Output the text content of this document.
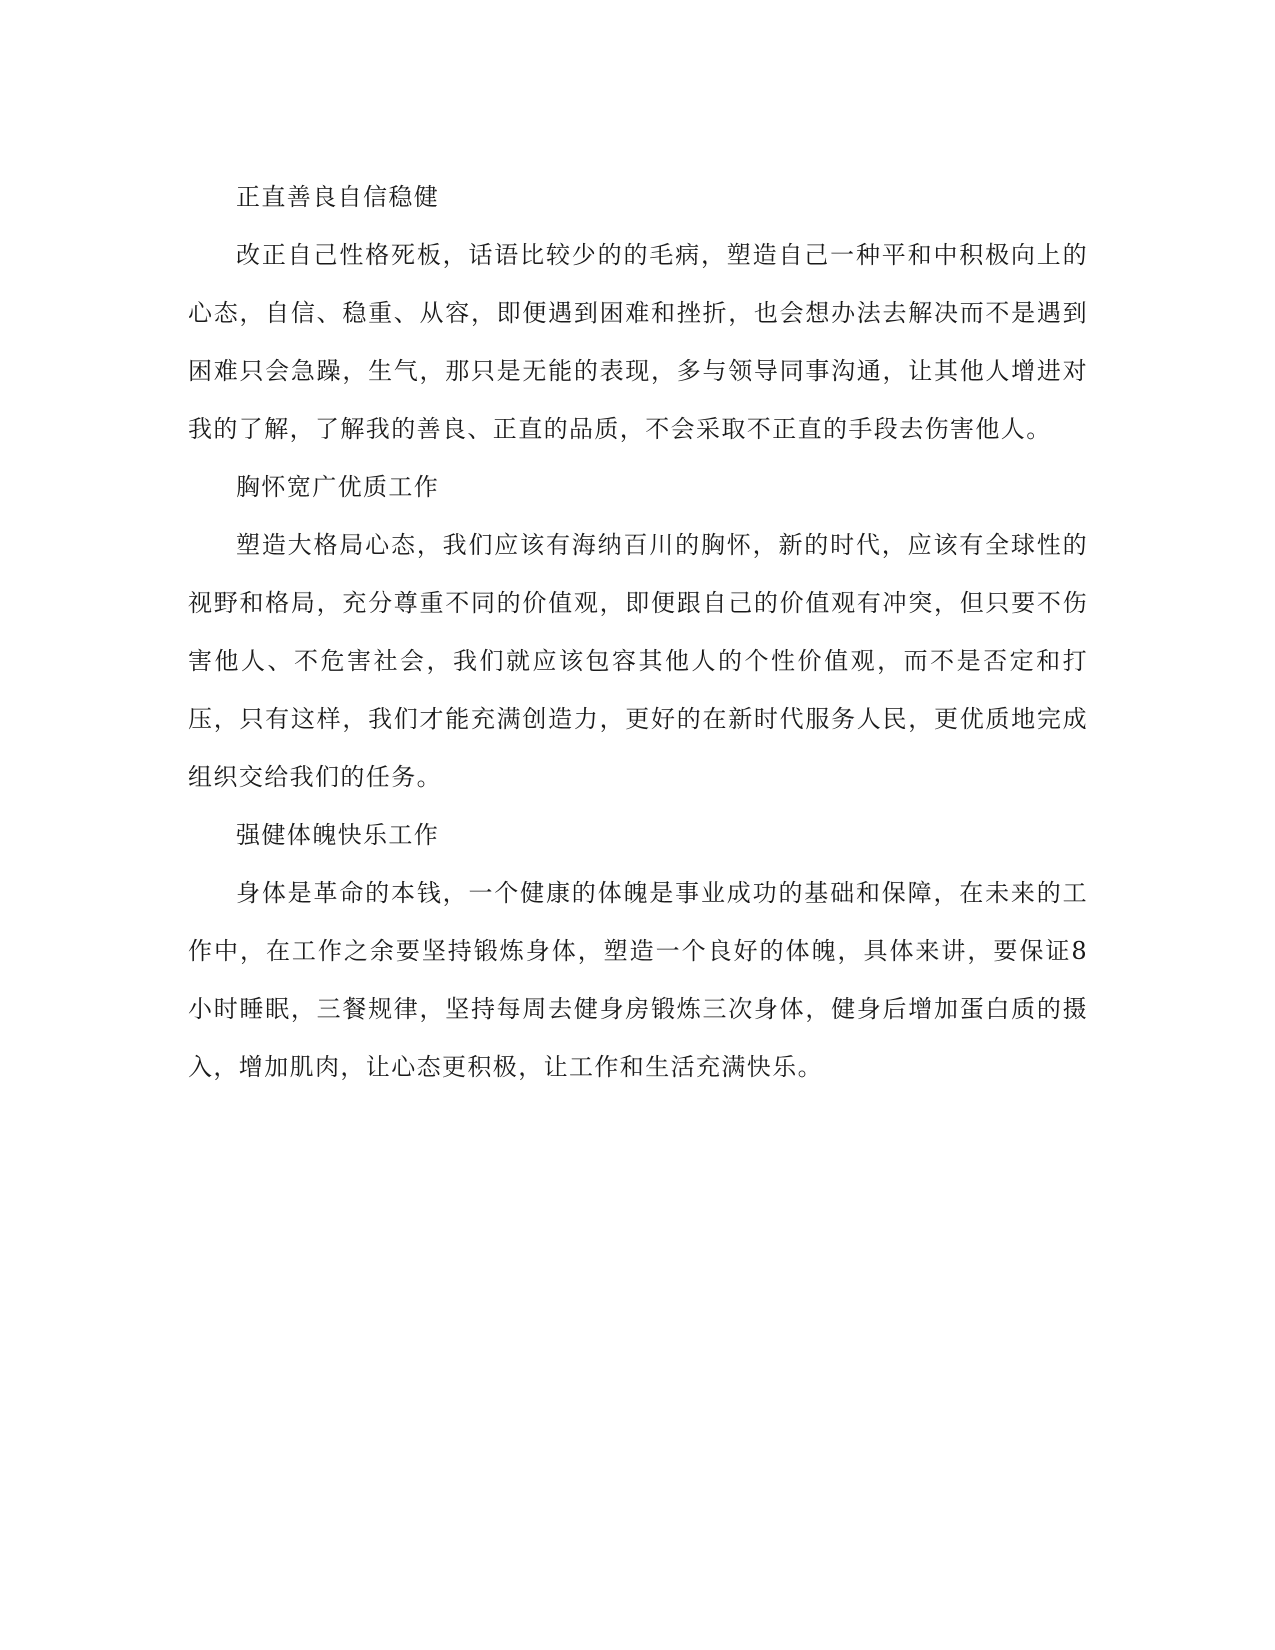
正直善良自信稳健

改正自己性格死板，话语比较少的的毛病，塑造自己一种平和中积极向上的心态，自信、稳重、从容，即便遇到困难和挫折，也会想办法去解决而不是遇到困难只会急躁，生气，那只是无能的表现，多与领导同事沟通，让其他人增进对我的了解，了解我的善良、正直的品质，不会采取不正直的手段去伤害他人。

胸怀宽广优质工作

塑造大格局心态，我们应该有海纳百川的胸怀，新的时代，应该有全球性的视野和格局，充分尊重不同的价值观，即便跟自己的价值观有冲突，但只要不伤害他人、不危害社会，我们就应该包容其他人的个性价值观，而不是否定和打压，只有这样，我们才能充满创造力，更好的在新时代服务人民，更优质地完成组织交给我们的任务。

强健体魄快乐工作

身体是革命的本钱，一个健康的体魄是事业成功的基础和保障，在未来的工作中，在工作之余要坚持锻炼身体，塑造一个良好的体魄，具体来讲，要保证8小时睡眠，三餐规律，坚持每周去健身房锻炼三次身体，健身后增加蛋白质的摄入，增加肌肉，让心态更积极，让工作和生活充满快乐。
